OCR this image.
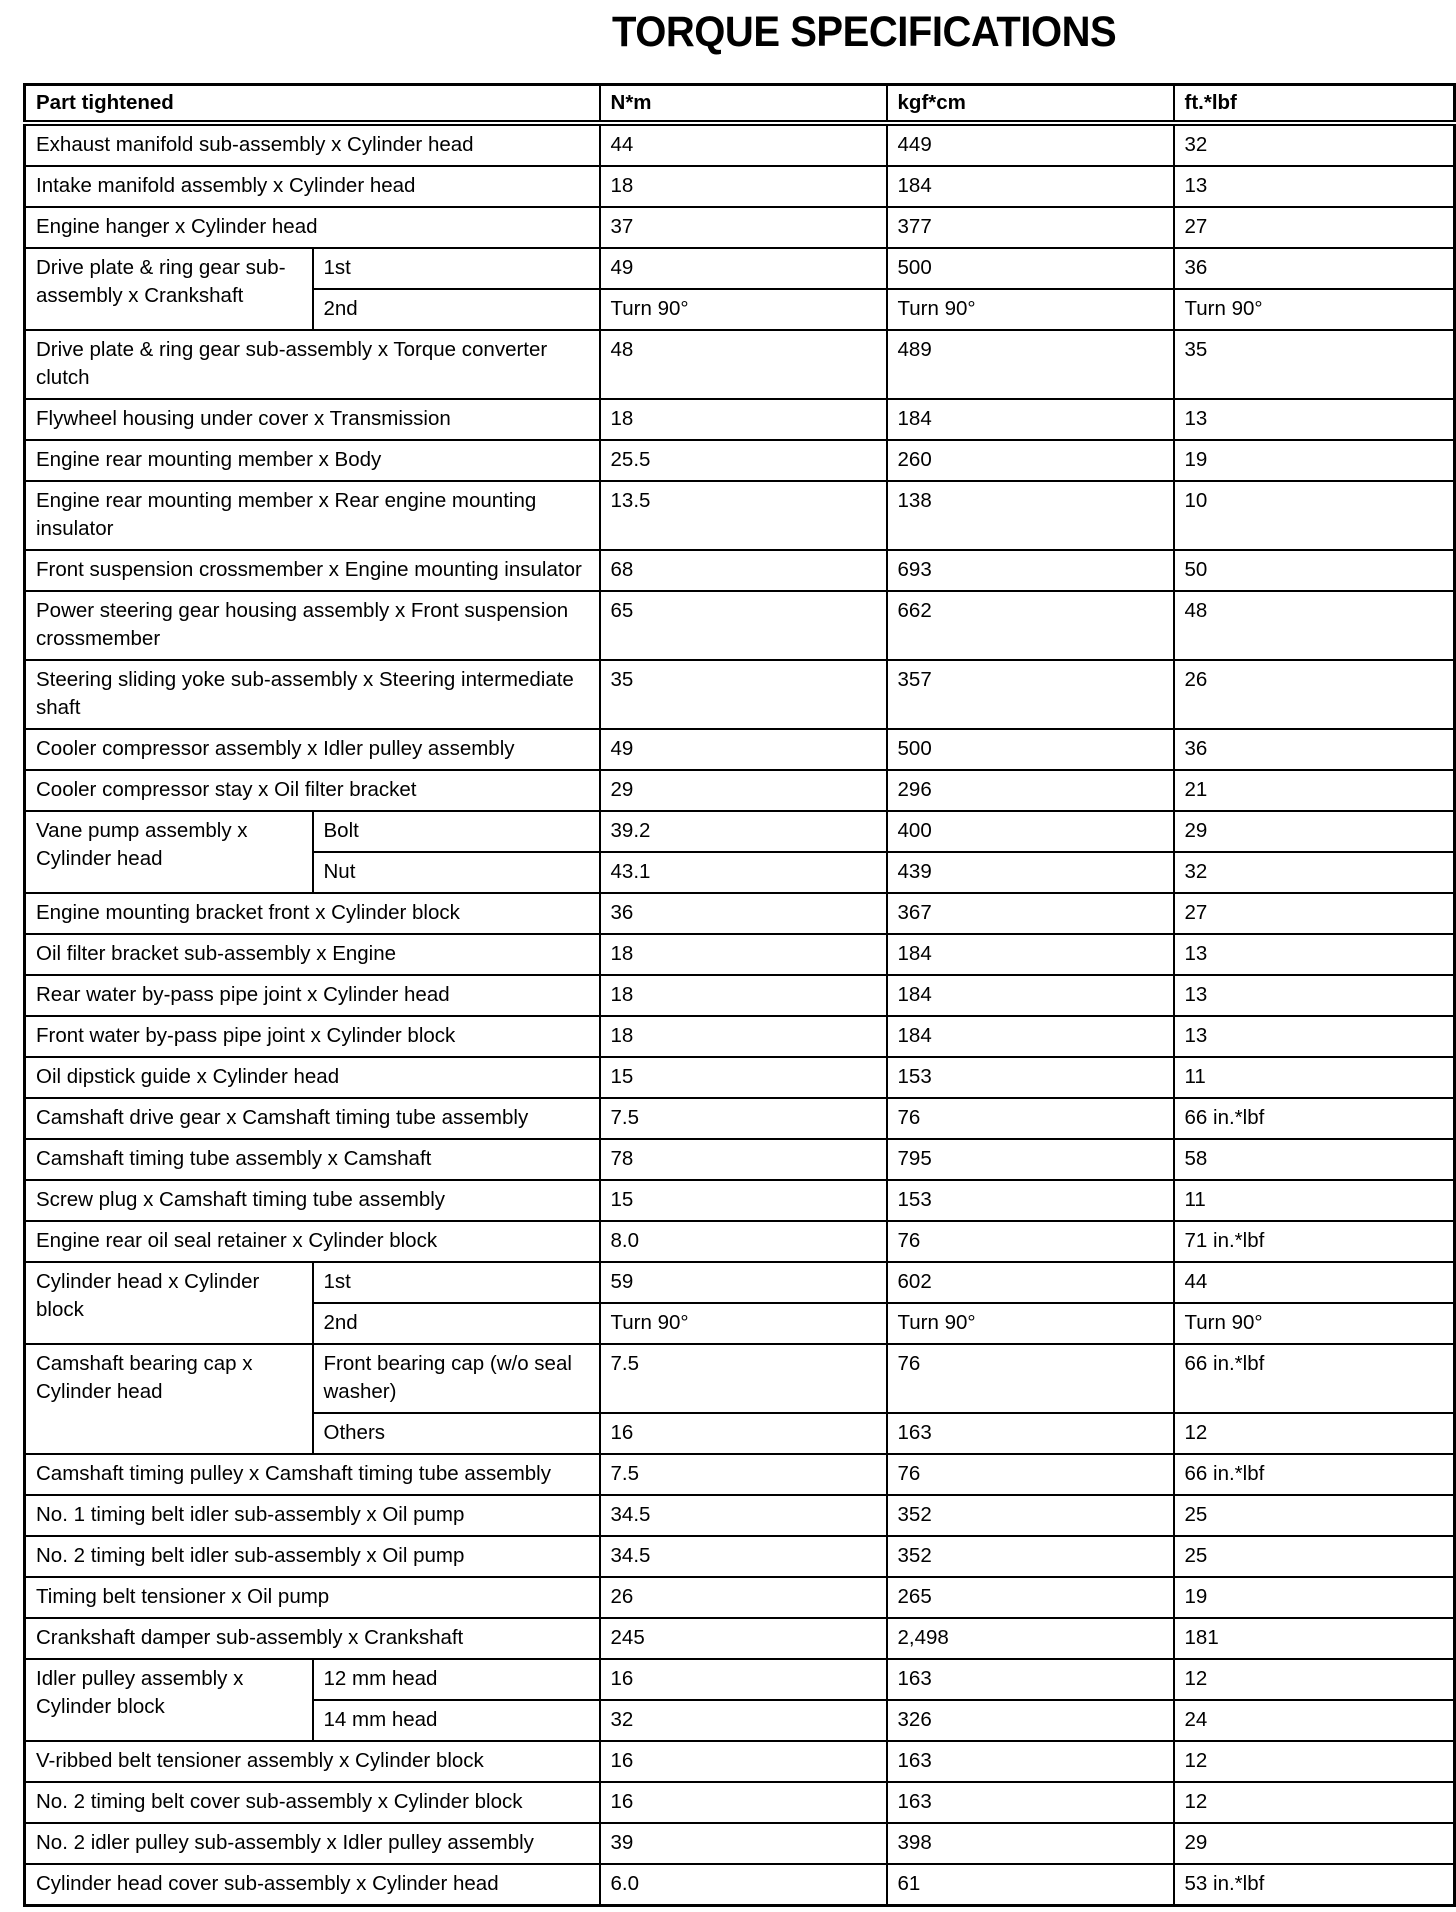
TORQUE SPECIFICATIONS
Part tightened		N*m	kgf*cm	ft.*lbf
Exhaust manifold sub-assembly x Cylinder head		44	449	32
Intake manifold assembly x Cylinder head		18	184	13
Engine hanger x Cylinder head		37	377	27
Drive plate & ring gear sub-assembly x Crankshaft	1st	49	500	36
	2nd	Turn 90°	Turn 90°	Turn 90°
Drive plate & ring gear sub-assembly x Torque converter clutch		48	489	35
Flywheel housing under cover x Transmission		18	184	13
Engine rear mounting member x Body		25.5	260	19
Engine rear mounting member x Rear engine mounting insulator		13.5	138	10
Front suspension crossmember x Engine mounting insulator		68	693	50
Power steering gear housing assembly x Front suspension crossmember		65	662	48
Steering sliding yoke sub-assembly x Steering intermediate shaft		35	357	26
Cooler compressor assembly x Idler pulley assembly		49	500	36
Cooler compressor stay x Oil filter bracket		29	296	21
Vane pump assembly x Cylinder head	Bolt	39.2	400	29
	Nut	43.1	439	32
Engine mounting bracket front x Cylinder block		36	367	27
Oil filter bracket sub-assembly x Engine		18	184	13
Rear water by-pass pipe joint x Cylinder head		18	184	13
Front water by-pass pipe joint x Cylinder block		18	184	13
Oil dipstick guide x Cylinder head		15	153	11
Camshaft drive gear x Camshaft timing tube assembly		7.5	76	66 in.*lbf
Camshaft timing tube assembly x Camshaft		78	795	58
Screw plug x Camshaft timing tube assembly		15	153	11
Engine rear oil seal retainer x Cylinder block		8.0	76	71 in.*lbf
Cylinder head x Cylinder block	1st	59	602	44
	2nd	Turn 90°	Turn 90°	Turn 90°
Camshaft bearing cap x Cylinder head	Front bearing cap (w/o seal washer)	7.5	76	66 in.*lbf
	Others	16	163	12
Camshaft timing pulley x Camshaft timing tube assembly		7.5	76	66 in.*lbf
No. 1 timing belt idler sub-assembly x Oil pump		34.5	352	25
No. 2 timing belt idler sub-assembly x Oil pump		34.5	352	25
Timing belt tensioner x Oil pump		26	265	19
Crankshaft damper sub-assembly x Crankshaft		245	2,498	181
Idler pulley assembly x Cylinder block	12 mm head	16	163	12
	14 mm head	32	326	24
V-ribbed belt tensioner assembly x Cylinder block		16	163	12
No. 2 timing belt cover sub-assembly x Cylinder block		16	163	12
No. 2 idler pulley sub-assembly x Idler pulley assembly		39	398	29
Cylinder head cover sub-assembly x Cylinder head		6.0	61	53 in.*lbf
